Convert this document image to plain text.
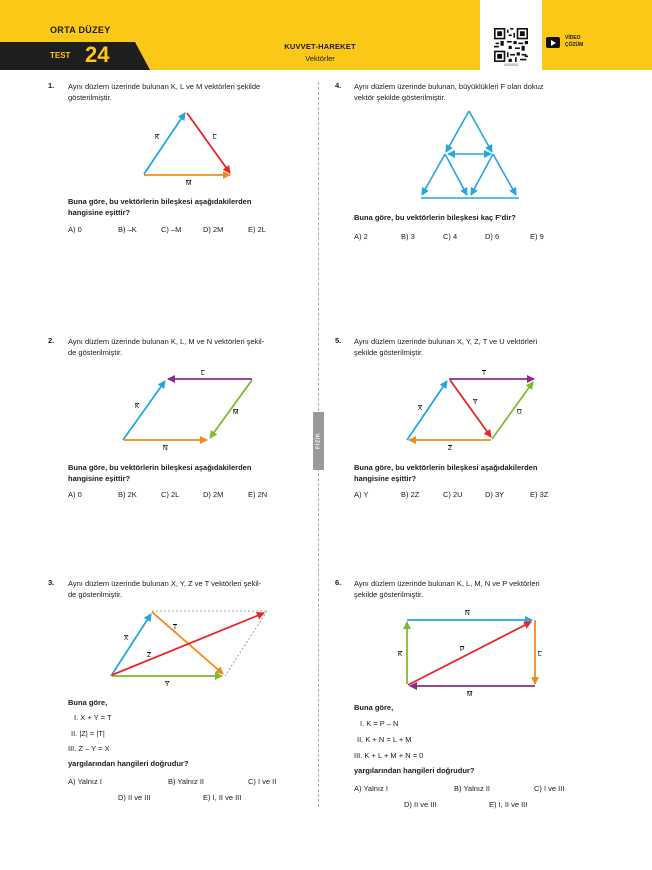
ORTA DÜZEY
TEST 24	KUVVET-HAREKET
Vektörler
0000000
VİDEO
ÇÖZÜM
FİZİK
1. Aynı düzlem üzerinde bulunan K, L ve M vektörleri şekilde
gösterilmiştir.
K	L
M
Buna göre, bu vektörlerin bileşkesi aşağıdakilerden
hangisine eşittir?
A) 0	B) –K	C) –M	D) 2M	E) 2L
2. Aynı düzlem üzerinde bulunan K, L, M ve N vektörleri şekil-
de gösterilmiştir.
K
L
M
N
Buna göre, bu vektörlerin bileşkesi aşağıdakilerden
hangisine eşittir?
A) 0	B) 2K	C) 2L	D) 2M	E) 2N
3. Aynı düzlem üzerinde bulunan X, Y, Z ve T vektörleri şekil-
de gösterilmiştir.
X
Z
T
Y
Buna göre,
I. X + Y = T
II. |Z| = |T|
III. Z – Y = X
yargılarından hangileri doğrudur?
A) Yalnız I	B) Yalnız II	C) I ve II
D) II ve III	E) I, II ve III
4. Aynı düzlem üzerinde bulunan, büyüklükleri F olan dokuz
vektör şekilde gösterilmiştir.
Buna göre, bu vektörlerin bileşkesi kaç F'dir?
A) 2	B) 3	C) 4	D) 6	E) 9
5. Aynı düzlem üzerinde bulunan X, Y, Z, T ve U vektörleri
şekilde gösterilmiştir.
X
T
Y
U
Z
Buna göre, bu vektörlerin bileşkesi aşağıdakilerden
hangisine eşittir?
A) Y	B) 2Z	C) 2U	D) 3Y	E) 3Z
6. Aynı düzlem üzerinde bulunan K, L, M, N ve P vektörleri
şekilde gösterilmiştir.
N
K
P
L
M
Buna göre,
I. K = P – N
II. K + N = L + M
III. K + L + M + N = 0
yargılarından hangileri doğrudur?
A) Yalnız I	B) Yalnız II	C) I ve III
D) II ve III	E) I, II ve III
